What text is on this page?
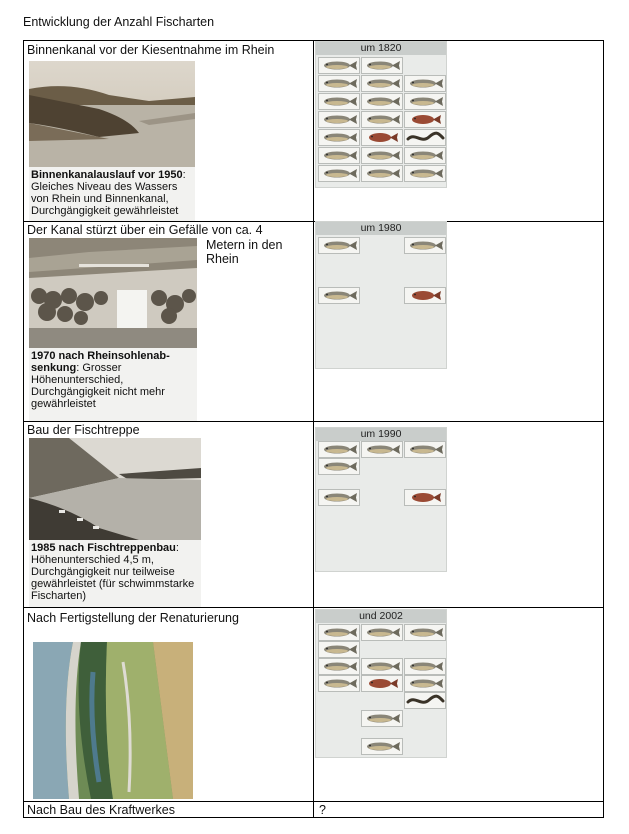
Entwicklung der Anzahl Fischarten
Binnenkanal vor der Kiesentnahme im Rhein
Binnenkanalauslauf vor 1950: Gleiches Niveau des Wassers von Rhein und Binnenkanal, Durchgängigkeit gewährleistet
um 1820
Der Kanal stürzt über ein Gefälle von ca. 4
Metern in den Rhein
1970 nach Rheinsohlenab-senkung: Grosser Höhenunterschied, Durchgängigkeit nicht mehr gewährleistet
um 1980
Bau der Fischtreppe
1985 nach Fischtreppenbau: Höhenunterschied 4,5 m, Durchgängigkeit nur teilweise gewährleistet (für schwimmstarke Fischarten)
um 1990
Nach Fertigstellung der Renaturierung	und 2002
Nach Bau des Kraftwerkes	?
